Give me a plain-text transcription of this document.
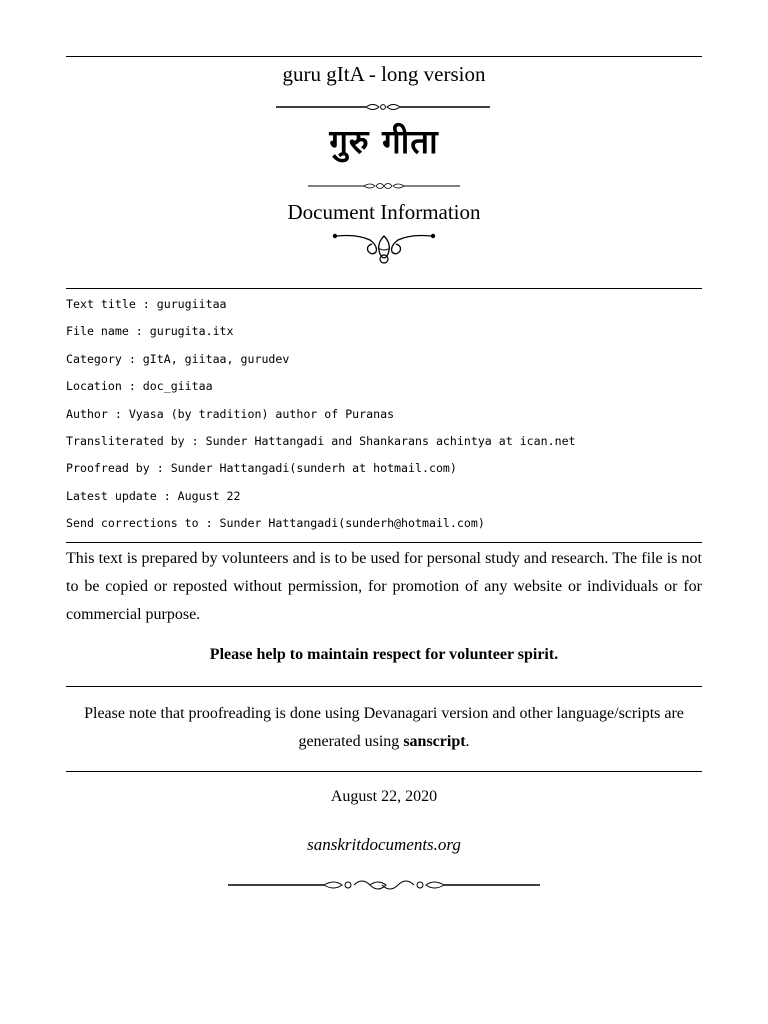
guru gItA - long version
गुरु गीता
Document Information
Text title : gurugiitaa
File name : gurugita.itx
Category : gItA, giitaa, gurudev
Location : doc_giitaa
Author : Vyasa (by tradition) author of Puranas
Transliterated by : Sunder Hattangadi and Shankarans achintya at ican.net
Proofread by : Sunder Hattangadi(sunderh at hotmail.com)
Latest update : August 22
Send corrections to : Sunder Hattangadi(sunderh@hotmail.com)
This text is prepared by volunteers and is to be used for personal study and research. The file is not to be copied or reposted without permission, for promotion of any website or individuals or for commercial purpose.
Please help to maintain respect for volunteer spirit.
Please note that proofreading is done using Devanagari version and other language/scripts are generated using sanscript.
August 22, 2020
sanskritdocuments.org
